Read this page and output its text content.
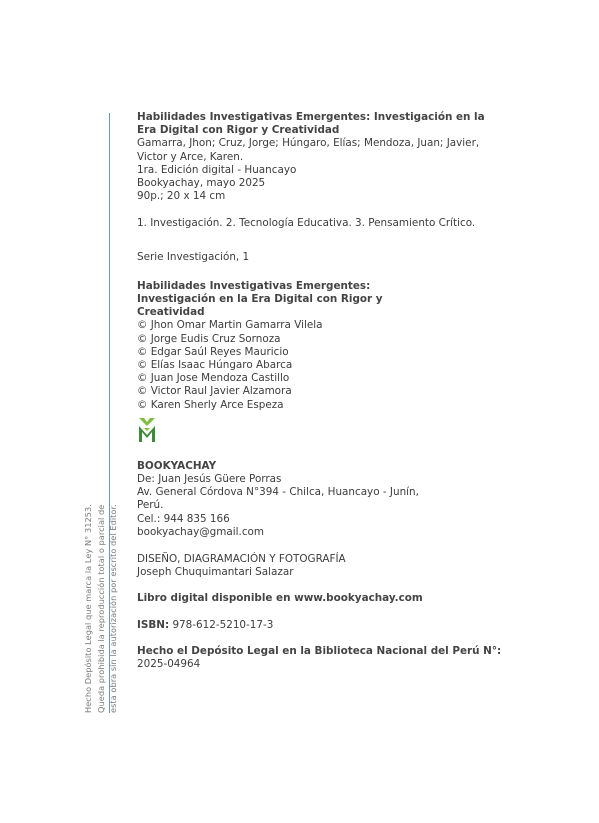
Hecho Depósito Legal que marca la Ley N° 31253. Queda prohibida la reproducción total o parcial de esta obra sin la autorización por escrito del Editor.
Habilidades Investigativas Emergentes: Investigación en la Era Digital con Rigor y Creatividad
Gamarra, Jhon; Cruz, Jorge; Húngaro, Elías; Mendoza, Juan; Javier, Victor y Arce, Karen.
1ra. Edición digital - Huancayo
Bookyachay, mayo 2025
90p.; 20 x 14 cm
1. Investigación. 2. Tecnología Educativa. 3. Pensamiento Crítico.
Serie Investigación, 1
Habilidades Investigativas Emergentes: Investigación en la Era Digital con Rigor y Creatividad
© Jhon Omar Martin Gamarra Vilela
© Jorge Eudis Cruz Sornoza
© Edgar Saúl Reyes Mauricio
© Elías Isaac Húngaro Abarca
© Juan Jose Mendoza Castillo
© Victor Raul Javier Alzamora
© Karen Sherly Arce Espeza
BOOKYACHAY
De: Juan Jesús Güere Porras
Av. General Córdova N°394 - Chilca, Huancayo - Junín, Perú.
Cel.: 944 835 166
bookyachay@gmail.com
DISEÑO, DIAGRAMACIÓN Y FOTOGRAFÍA
Joseph Chuquimantari Salazar
Libro digital disponible en www.bookyachay.com
ISBN: 978-612-5210-17-3
Hecho el Depósito Legal en la Biblioteca Nacional del Perú N°: 2025-04964
